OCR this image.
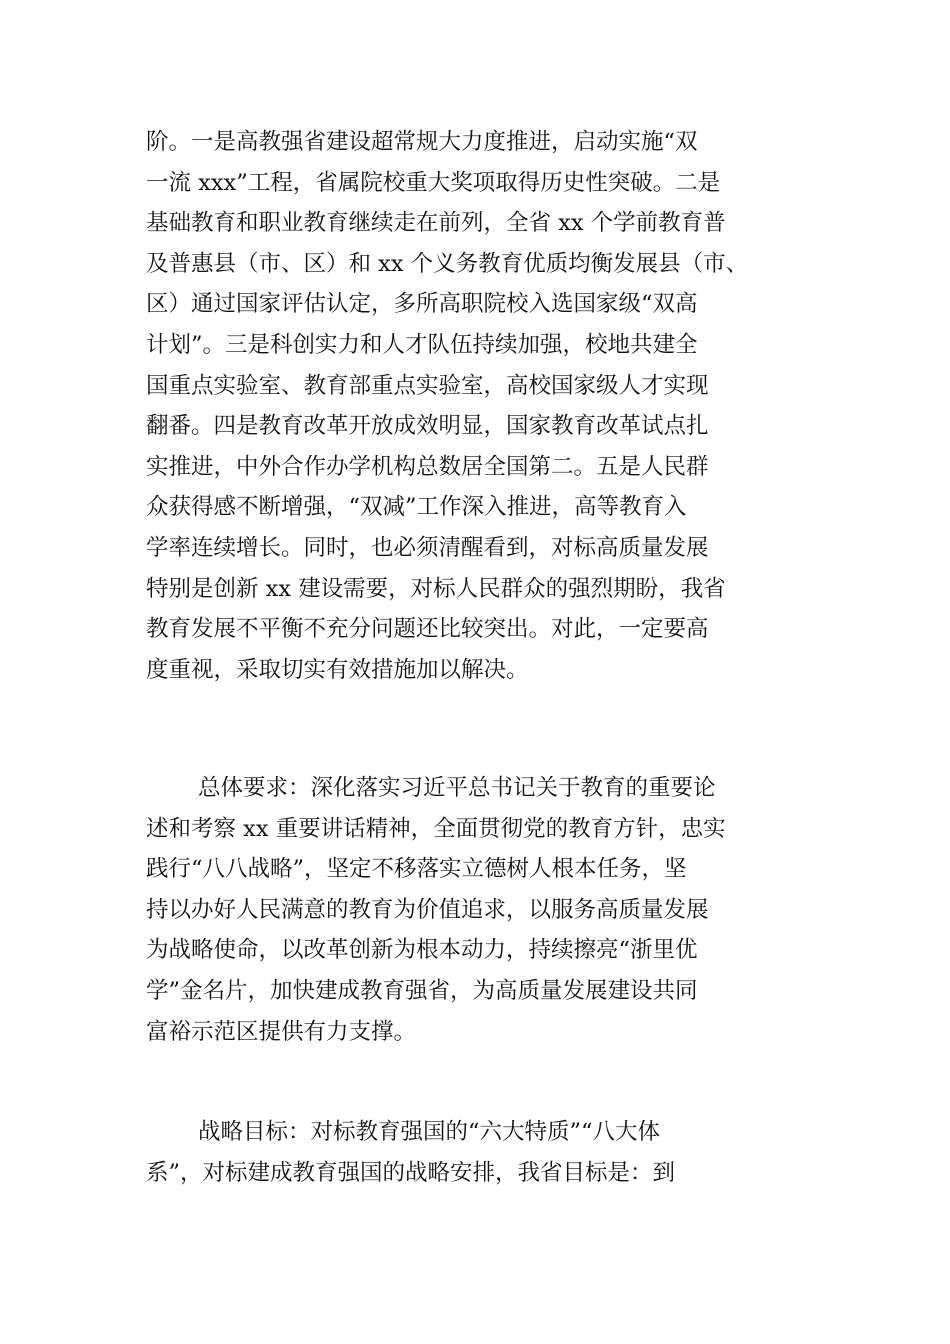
阶。一是高教强省建设超常规大力度推进，启动实施“双
一流 xxx”工程，省属院校重大奖项取得历史性突破。二是
基础教育和职业教育继续走在前列，全省 xx 个学前教育普
及普惠县（市、区）和 xx 个义务教育优质均衡发展县（市、
区）通过国家评估认定，多所高职院校入选国家级“双高
计划”。三是科创实力和人才队伍持续加强，校地共建全
国重点实验室、教育部重点实验室，高校国家级人才实现
翻番。四是教育改革开放成效明显，国家教育改革试点扎
实推进，中外合作办学机构总数居全国第二。五是人民群
众获得感不断增强，“双减”工作深入推进，高等教育入
学率连续增长。同时，也必须清醒看到，对标高质量发展
特别是创新 xx 建设需要，对标人民群众的强烈期盼，我省
教育发展不平衡不充分问题还比较突出。对此，一定要高
度重视，采取切实有效措施加以解决。
总体要求：深化落实习近平总书记关于教育的重要论
述和考察 xx 重要讲话精神，全面贯彻党的教育方针，忠实
践行“八八战略”，坚定不移落实立德树人根本任务，坚
持以办好人民满意的教育为价值追求，以服务高质量发展
为战略使命，以改革创新为根本动力，持续擦亮“浙里优
学”金名片，加快建成教育强省，为高质量发展建设共同
富裕示范区提供有力支撑。
战略目标：对标教育强国的“六大特质”“八大体
系”，对标建成教育强国的战略安排，我省目标是：到
